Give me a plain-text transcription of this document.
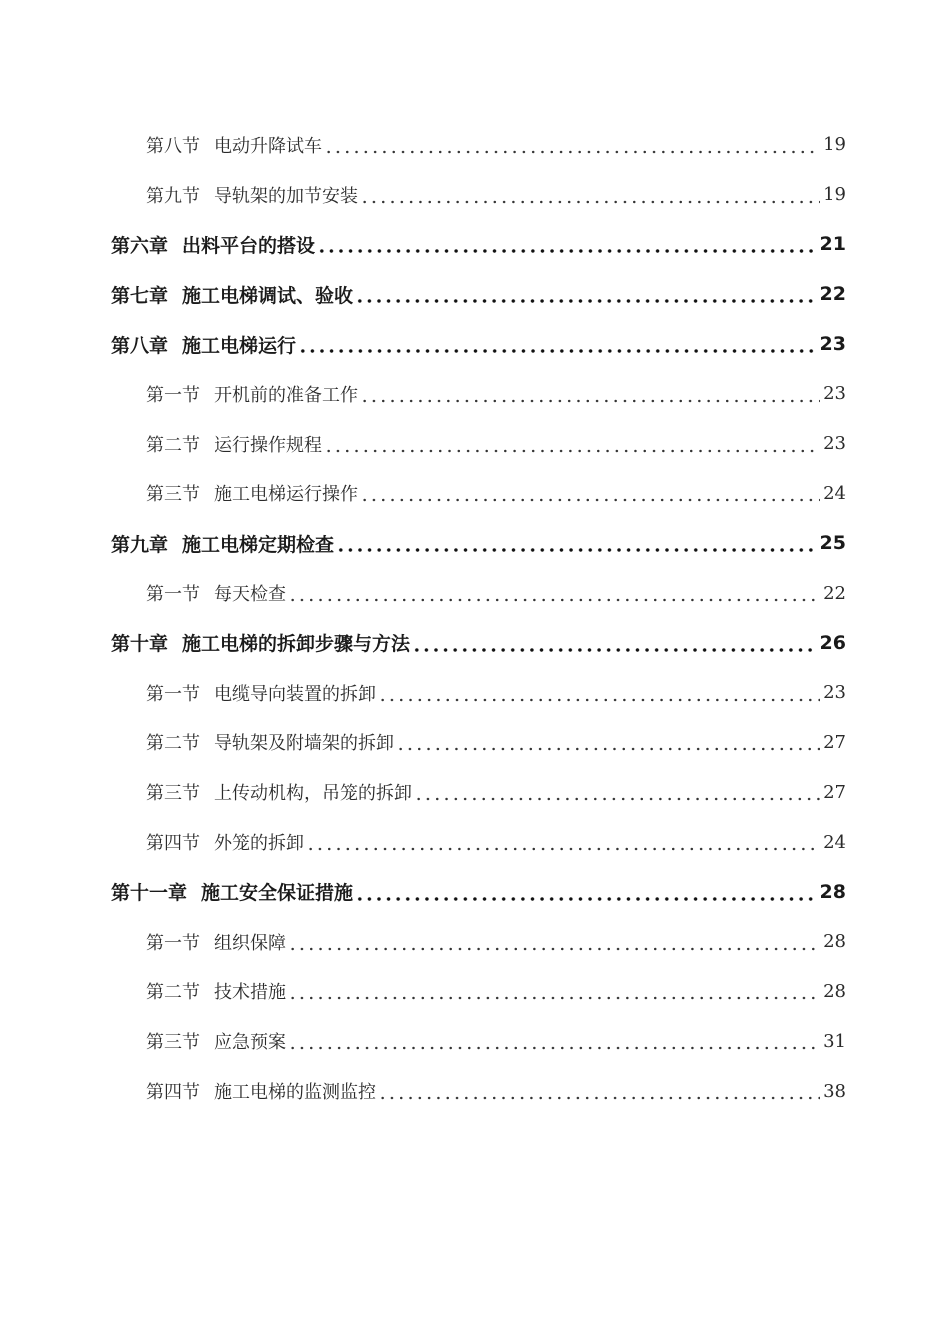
第八节 电动升降试车	19
第九节 导轨架的加节安装	19
第六章 出料平台的搭设	21
第七章 施工电梯调试、验收	22
第八章 施工电梯运行	23
第一节 开机前的准备工作	23
第二节 运行操作规程	23
第三节 施工电梯运行操作	24
第九章 施工电梯定期检查	25
第一节 每天检查	22
第十章 施工电梯的拆卸步骤与方法	26
第一节 电缆导向装置的拆卸	23
第二节 导轨架及附墙架的拆卸	27
第三节 上传动机构，吊笼的拆卸	27
第四节 外笼的拆卸	24
第十一章 施工安全保证措施	28
第一节 组织保障	28
第二节 技术措施	28
第三节 应急预案	31
第四节 施工电梯的监测监控	38
